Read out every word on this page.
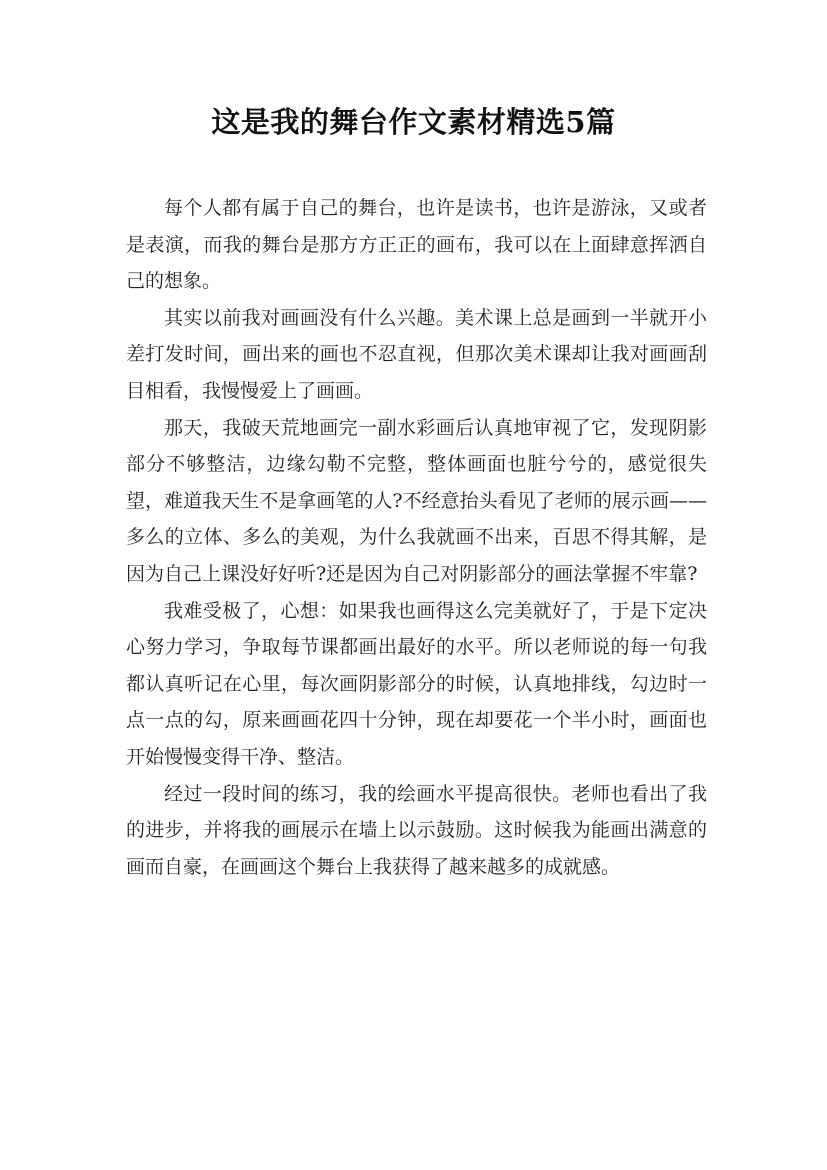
这是我的舞台作文素材精选5篇

每个人都有属于自己的舞台，也许是读书，也许是游泳，又或者是表演，而我的舞台是那方方正正的画布，我可以在上面肆意挥洒自己的想象。

其实以前我对画画没有什么兴趣。美术课上总是画到一半就开小差打发时间，画出来的画也不忍直视，但那次美术课却让我对画画刮目相看，我慢慢爱上了画画。

那天，我破天荒地画完一副水彩画后认真地审视了它，发现阴影部分不够整洁，边缘勾勒不完整，整体画面也脏兮兮的，感觉很失望，难道我天生不是拿画笔的人?不经意抬头看见了老师的展示画——多么的立体、多么的美观，为什么我就画不出来，百思不得其解，是因为自己上课没好好听?还是因为自己对阴影部分的画法掌握不牢靠?

我难受极了，心想：如果我也画得这么完美就好了，于是下定决心努力学习，争取每节课都画出最好的水平。所以老师说的每一句我都认真听记在心里，每次画阴影部分的时候，认真地排线，勾边时一点一点的勾，原来画画花四十分钟，现在却要花一个半小时，画面也开始慢慢变得干净、整洁。

经过一段时间的练习，我的绘画水平提高很快。老师也看出了我的进步，并将我的画展示在墙上以示鼓励。这时候我为能画出满意的画而自豪，在画画这个舞台上我获得了越来越多的成就感。
